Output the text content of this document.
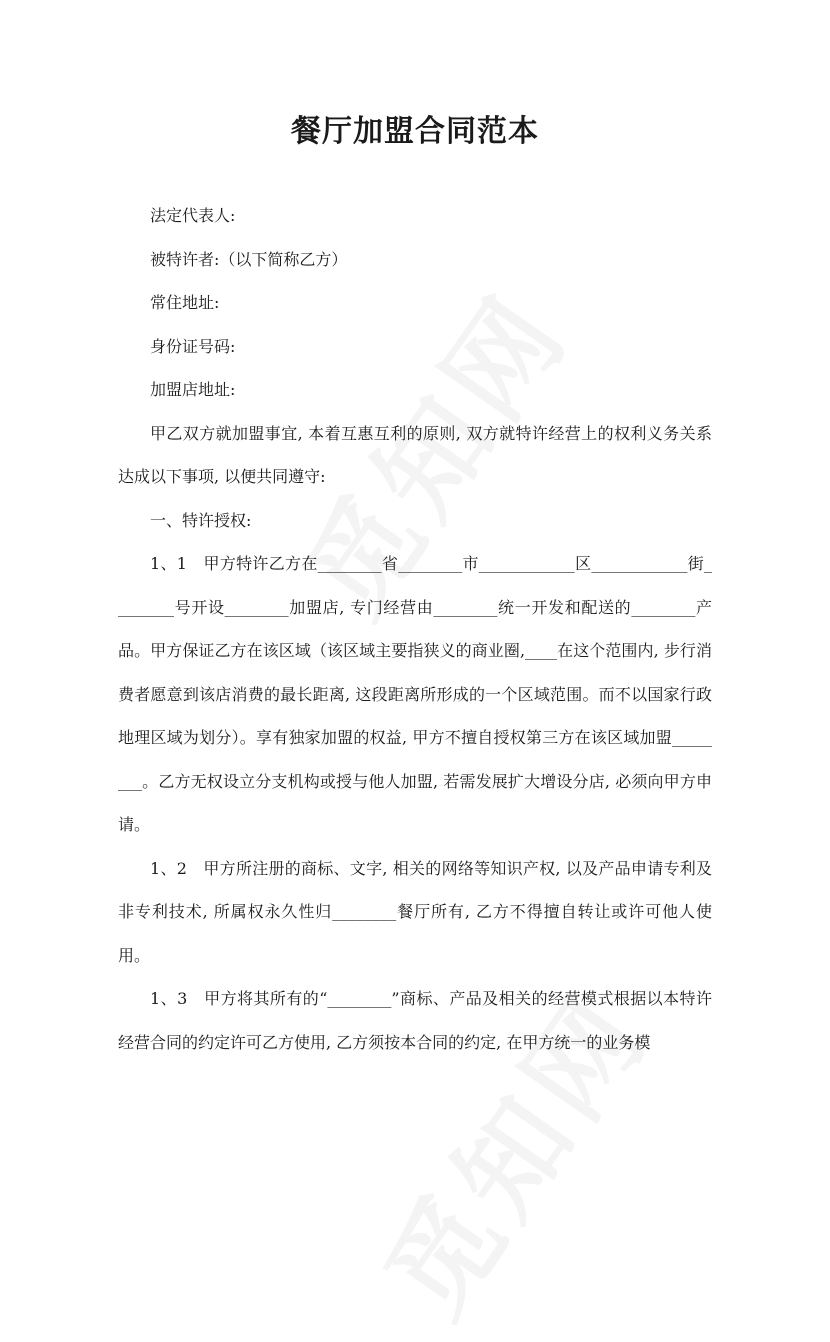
餐厅加盟合同范本

法定代表人:

被特许者:（以下简称乙方）

常住地址:

身份证号码:

加盟店地址:

甲乙双方就加盟事宜, 本着互惠互利的原则, 双方就特许经营上的权利义务关系达成以下事项, 以便共同遵守:

一、特许授权:

1、1　甲方特许乙方在________省________市____________区____________街________号开设________加盟店, 专门经营由________统一开发和配送的________产品。甲方保证乙方在该区域（该区域主要指狭义的商业圈,____在这个范围内, 步行消费者愿意到该店消费的最长距离, 这段距离所形成的一个区域范围。而不以国家行政地理区域为划分）。享有独家加盟的权益, 甲方不擅自授权第三方在该区域加盟________。乙方无权设立分支机构或授与他人加盟, 若需发展扩大增设分店, 必须向甲方申请。

1、2　甲方所注册的商标、文字, 相关的网络等知识产权, 以及产品申请专利及非专利技术, 所属权永久性归________餐厅所有, 乙方不得擅自转让或许可他人使用。

1、3　甲方将其所有的“________”商标、产品及相关的经营模式根据以本特许经营合同的约定许可乙方使用, 乙方须按本合同的约定, 在甲方统一的业务模
